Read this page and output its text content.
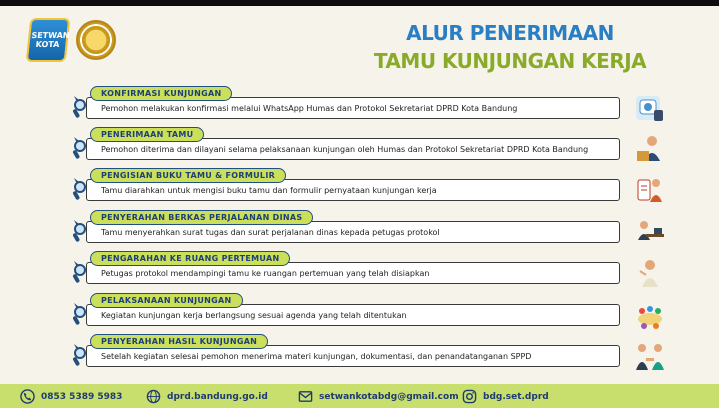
SETWAN KOTA	ALUR PENERIMAAN
TAMU KUNJUNGAN KERJA
Pemohon melakukan konfirmasi melalui WhatsApp Humas dan Protokol Sekretariat DPRD Kota Bandung
KONFIRMASI KUNJUNGAN
Pemohon diterima dan dilayani selama pelaksanaan kunjungan oleh Humas dan Protokol Sekretariat DPRD Kota Bandung
PENERIMAAN TAMU
Tamu diarahkan untuk mengisi buku tamu dan formulir pernyataan kunjungan kerja
PENGISIAN BUKU TAMU & FORMULIR
Tamu menyerahkan surat tugas dan surat perjalanan dinas kepada petugas protokol
PENYERAHAN BERKAS PERJALANAN DINAS
Petugas protokol mendampingi tamu ke ruangan pertemuan yang telah disiapkan
PENGARAHAN KE RUANG PERTEMUAN
Kegiatan kunjungan kerja berlangsung sesuai agenda yang telah ditentukan
PELAKSANAAN KUNJUNGAN
Setelah kegiatan selesai pemohon menerima materi kunjungan, dokumentasi, dan penandatanganan SPPD
PENYERAHAN HASIL KUNJUNGAN
0853 5389 5983	dprd.bandung.go.id	setwankotabdg@gmail.com	bdg.set.dprd
